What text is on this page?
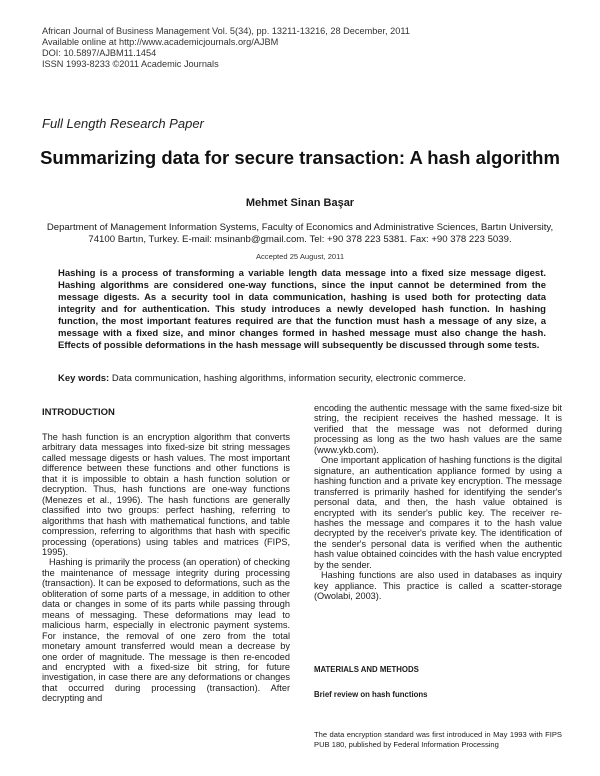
African Journal of Business Management Vol. 5(34), pp. 13211-13216, 28 December, 2011
Available online at http://www.academicjournals.org/AJBM
DOI: 10.5897/AJBM11.1454
ISSN 1993-8233 ©2011 Academic Journals
Full Length Research Paper
Summarizing data for secure transaction: A hash algorithm
Mehmet Sinan Başar
Department of Management Information Systems, Faculty of Economics and Administrative Sciences, Bartın University, 74100 Bartın, Turkey. E-mail: msinanb@gmail.com. Tel: +90 378 223 5381. Fax: +90 378 223 5039.
Accepted 25 August, 2011
Hashing is a process of transforming a variable length data message into a fixed size message digest. Hashing algorithms are considered one-way functions, since the input cannot be determined from the message digests. As a security tool in data communication, hashing is used both for protecting data integrity and for authentication. This study introduces a newly developed hash function. In hashing function, the most important features required are that the function must hash a message of any size, a message with a fixed size, and minor changes formed in hashed message must also change the hash. Effects of possible deformations in the hash message will subsequently be discussed through some tests.
Key words: Data communication, hashing algorithms, information security, electronic commerce.
INTRODUCTION

The hash function is an encryption algorithm that converts arbitrary data messages into fixed-size bit string messages called message digests or hash values. The most important difference between these functions and other functions is that it is impossible to obtain a hash function solution or decryption. Thus, hash functions are one-way functions (Menezes et al., 1996). The hash functions are generally classified into two groups: perfect hashing, referring to algorithms that hash with mathematical functions, and table compression, referring to algorithms that hash with specific processing (operations) using tables and matrices (FIPS, 1995).

Hashing is primarily the process (an operation) of checking the maintenance of message integrity during processing (transaction). It can be exposed to deformations, such as the obliteration of some parts of a message, in addition to other data or changes in some of its parts while passing through means of messaging. These deformations may lead to malicious harm, especially in electronic payment systems. For instance, the removal of one zero from the total monetary amount transferred would mean a decrease by one order of magnitude. The message is then re-encoded and encrypted with a fixed-size bit string, for future investigation, in case there are any deformations or changes that occurred during processing (transaction). After decrypting and

encoding the authentic message with the same fixed-size bit string, the recipient receives the hashed message. It is verified that the message was not deformed during processing as long as the two hash values are the same (www.ykb.com).

One important application of hashing functions is the digital signature, an authentication appliance formed by using a hashing function and a private key encryption. The message transferred is primarily hashed for identifying the sender's personal data, and then, the hash value obtained is encrypted with its sender's public key. The receiver re-hashes the message and compares it to the hash value decrypted by the receiver's private key. The identification of the sender's personal data is verified when the authentic hash value obtained coincides with the hash value encrypted by the sender.

Hashing functions are also used in databases as inquiry key appliance. This practice is called a scatter-storage (Owolabi, 2003).

MATERIALS AND METHODS
Brief review on hash functions
The data encryption standard was first introduced in May 1993 with FIPS PUB 180, published by Federal Information Processing
